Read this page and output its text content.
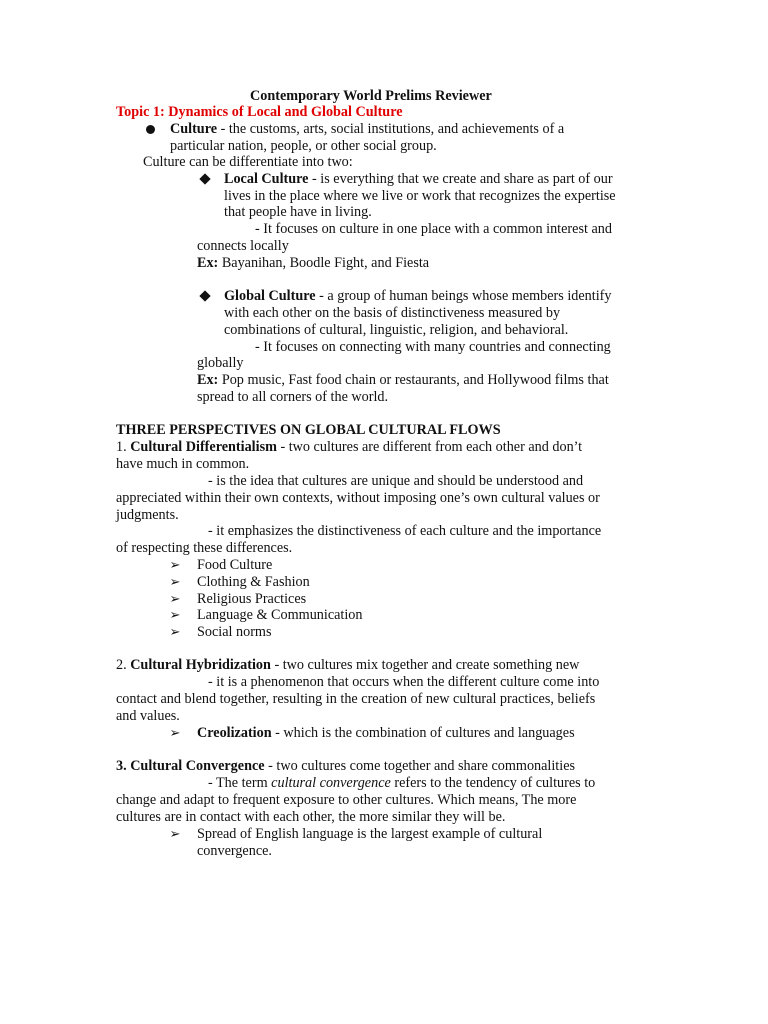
Contemporary World Prelims Reviewer
Topic 1: Dynamics of Local and Global Culture
Culture - the customs, arts, social institutions, and achievements of a
particular nation, people, or other social group.
Culture can be differentiate into two:
Local Culture - is everything that we create and share as part of our
lives in the place where we live or work that recognizes the expertise
that people have in living.
- It focuses on culture in one place with a common interest and
connects locally
Ex: Bayanihan, Boodle Fight, and Fiesta
Global Culture - a group of human beings whose members identify
with each other on the basis of distinctiveness measured by
combinations of cultural, linguistic, religion, and behavioral.
- It focuses on connecting with many countries and connecting
globally
Ex: Pop music, Fast food chain or restaurants, and Hollywood films that
spread to all corners of the world.
THREE PERSPECTIVES ON GLOBAL CULTURAL FLOWS
1. Cultural Differentialism - two cultures are different from each other and don’t
have much in common.
- is the idea that cultures are unique and should be understood and
appreciated within their own contexts, without imposing one’s own cultural values or
judgments.
- it emphasizes the distinctiveness of each culture and the importance
of respecting these differences.
➢ Food Culture
➢ Clothing & Fashion
➢ Religious Practices
➢ Language & Communication
➢ Social norms
2. Cultural Hybridization - two cultures mix together and create something new
- it is a phenomenon that occurs when the different culture come into
contact and blend together, resulting in the creation of new cultural practices, beliefs
and values.
➢ Creolization - which is the combination of cultures and languages
3. Cultural Convergence - two cultures come together and share commonalities
- The term cultural convergence refers to the tendency of cultures to
change and adapt to frequent exposure to other cultures. Which means, The more
cultures are in contact with each other, the more similar they will be.
➢ Spread of English language is the largest example of cultural
convergence.
